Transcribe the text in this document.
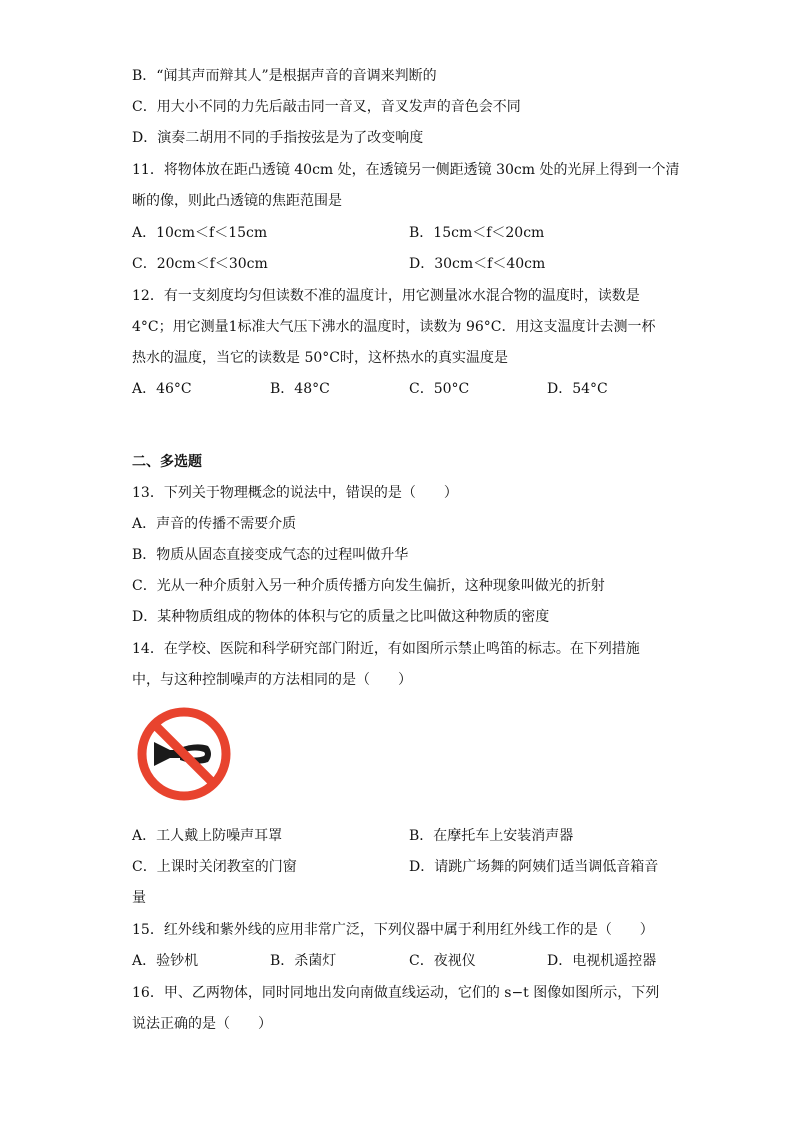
B．“闻其声而辩其人”是根据声音的音调来判断的
C．用大小不同的力先后敲击同一音叉，音叉发声的音色会不同
D．演奏二胡用不同的手指按弦是为了改变响度
11．将物体放在距凸透镜 40cm 处，在透镜另一侧距透镜 30cm 处的光屏上得到一个清
晰的像，则此凸透镜的焦距范围是
A．10cm＜f＜15cm	B．15cm＜f＜20cm
C．20cm＜f＜30cm	D．30cm＜f＜40cm
12．有一支刻度均匀但读数不准的温度计，用它测量冰水混合物的温度时，读数是
4°C；用它测量1标准大气压下沸水的温度时，读数为 96°C．用这支温度计去测一杯
热水的温度，当它的读数是 50°C时，这杯热水的真实温度是
A．46°C	B．48°C	C．50°C	D．54°C
二、多选题
13．下列关于物理概念的说法中，错误的是（　　）
A．声音的传播不需要介质
B．物质从固态直接变成气态的过程叫做升华
C．光从一种介质射入另一种介质传播方向发生偏折，这种现象叫做光的折射
D．某种物质组成的物体的体积与它的质量之比叫做这种物质的密度
14．在学校、医院和科学研究部门附近，有如图所示禁止鸣笛的标志。在下列措施
中，与这种控制噪声的方法相同的是（　　）
A．工人戴上防噪声耳罩	B．在摩托车上安装消声器
C．上课时关闭教室的门窗	D．请跳广场舞的阿姨们适当调低音箱音
量
15．红外线和紫外线的应用非常广泛，下列仪器中属于利用红外线工作的是（　　）
A．验钞机	B．杀菌灯	C．夜视仪	D．电视机遥控器
16．甲、乙两物体，同时同地出发向南做直线运动，它们的 s−t 图像如图所示，下列
说法正确的是（　　）
